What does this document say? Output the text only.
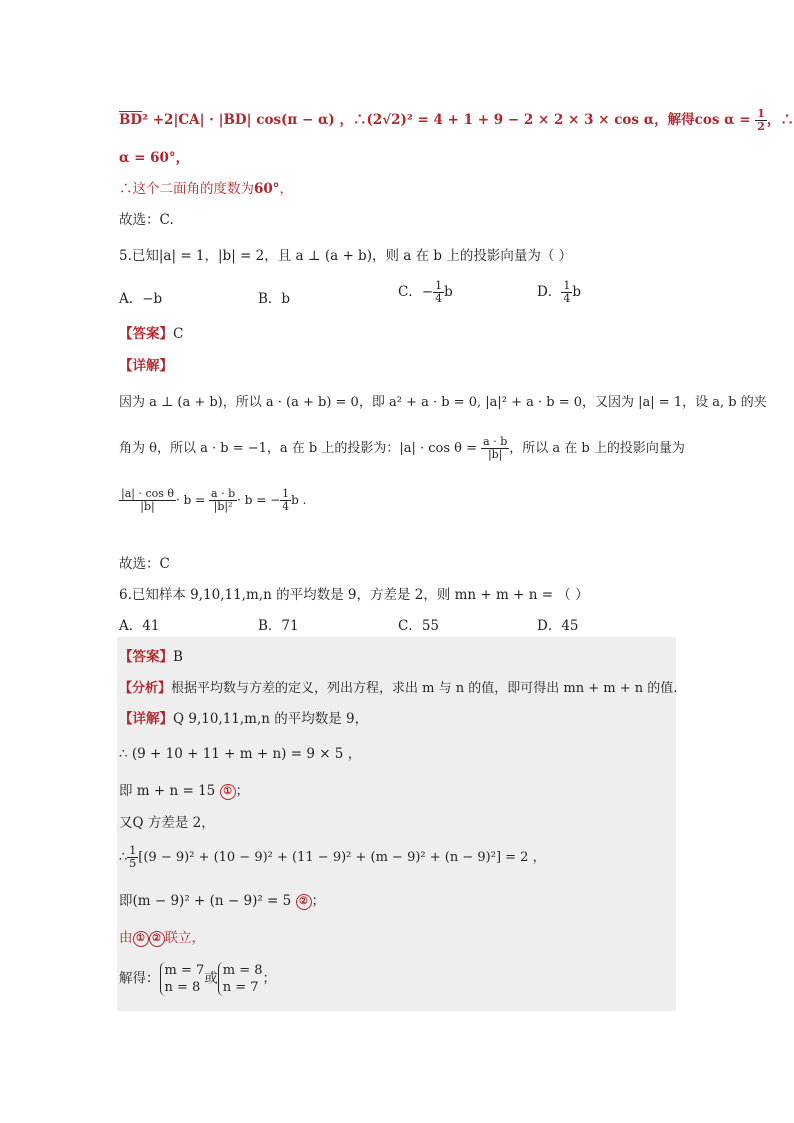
$\overline{BD}^2 +2|CA| \cdot |BD|$ cos(π − α) ，∴(2√2)² = 4 + 1 + 9 − 2 × 2 × 3 × cos α，解得$\cos \alpha = \frac{1}{2}$ ，∴
α = 60°，
∴这个二面角的度数为60°，
故选：C.
5.已知|a| = 1，|b| = 2，且 a ⊥ (a + b)，则 a 在 b 上的投影向量为（ ）
A．−b	B．b	C．− $\frac{1}{4}$ b	D． $\frac{1}{4}$ b
【答案】C
【详解】
因为 a ⊥ (a + b)，所以 a · (a + b) = 0，即 a² + a · b = 0, |a|² + a · b = 0，又因为 |a| = 1，设 a, b 的夹
角为 θ，所以 a · b = −1，a 在 b 上的投影为：$|a| \cdot \cos \theta = \frac{a \cdot b}{|b|}$ ，所以 a 在 b 上的投影向量为
$\frac{\text{|a| · cos θ}}{|b|} \cdot b = \frac{a \cdot b}{\text{|b|²}} \cdot b$ = − $\frac{1}{4}$ b .
故选：C
6.已知样本 9,10,11,m,n 的平均数是 9，方差是 2，则 mn + m + n = （ ）
A．41	B．71	C．55	D．45
【答案】B
【分析】根据平均数与方差的定义，列出方程，求出 m 与 n 的值，即可得出 mn + m + n 的值.
【详解】Q 9,10,11,m,n 的平均数是 9，
∴ (9 + 10 + 11 + m + n) = 9 × 5 ，
即 m + n = 15 ① ；
又Q 方差是 2，
∴ $\frac{1}{5} [(9 - 9)^2 + (10 - 9)^2 + (11 - 9)^2 + (m - 9)^2 + (n - 9)^2] = 2$ ，
即(m − 9)² + (n − 9)² = 5 ② ；
由 ① ② 联立，
解得： m = 7
n = 8
或 m = 8
n = 7
；
